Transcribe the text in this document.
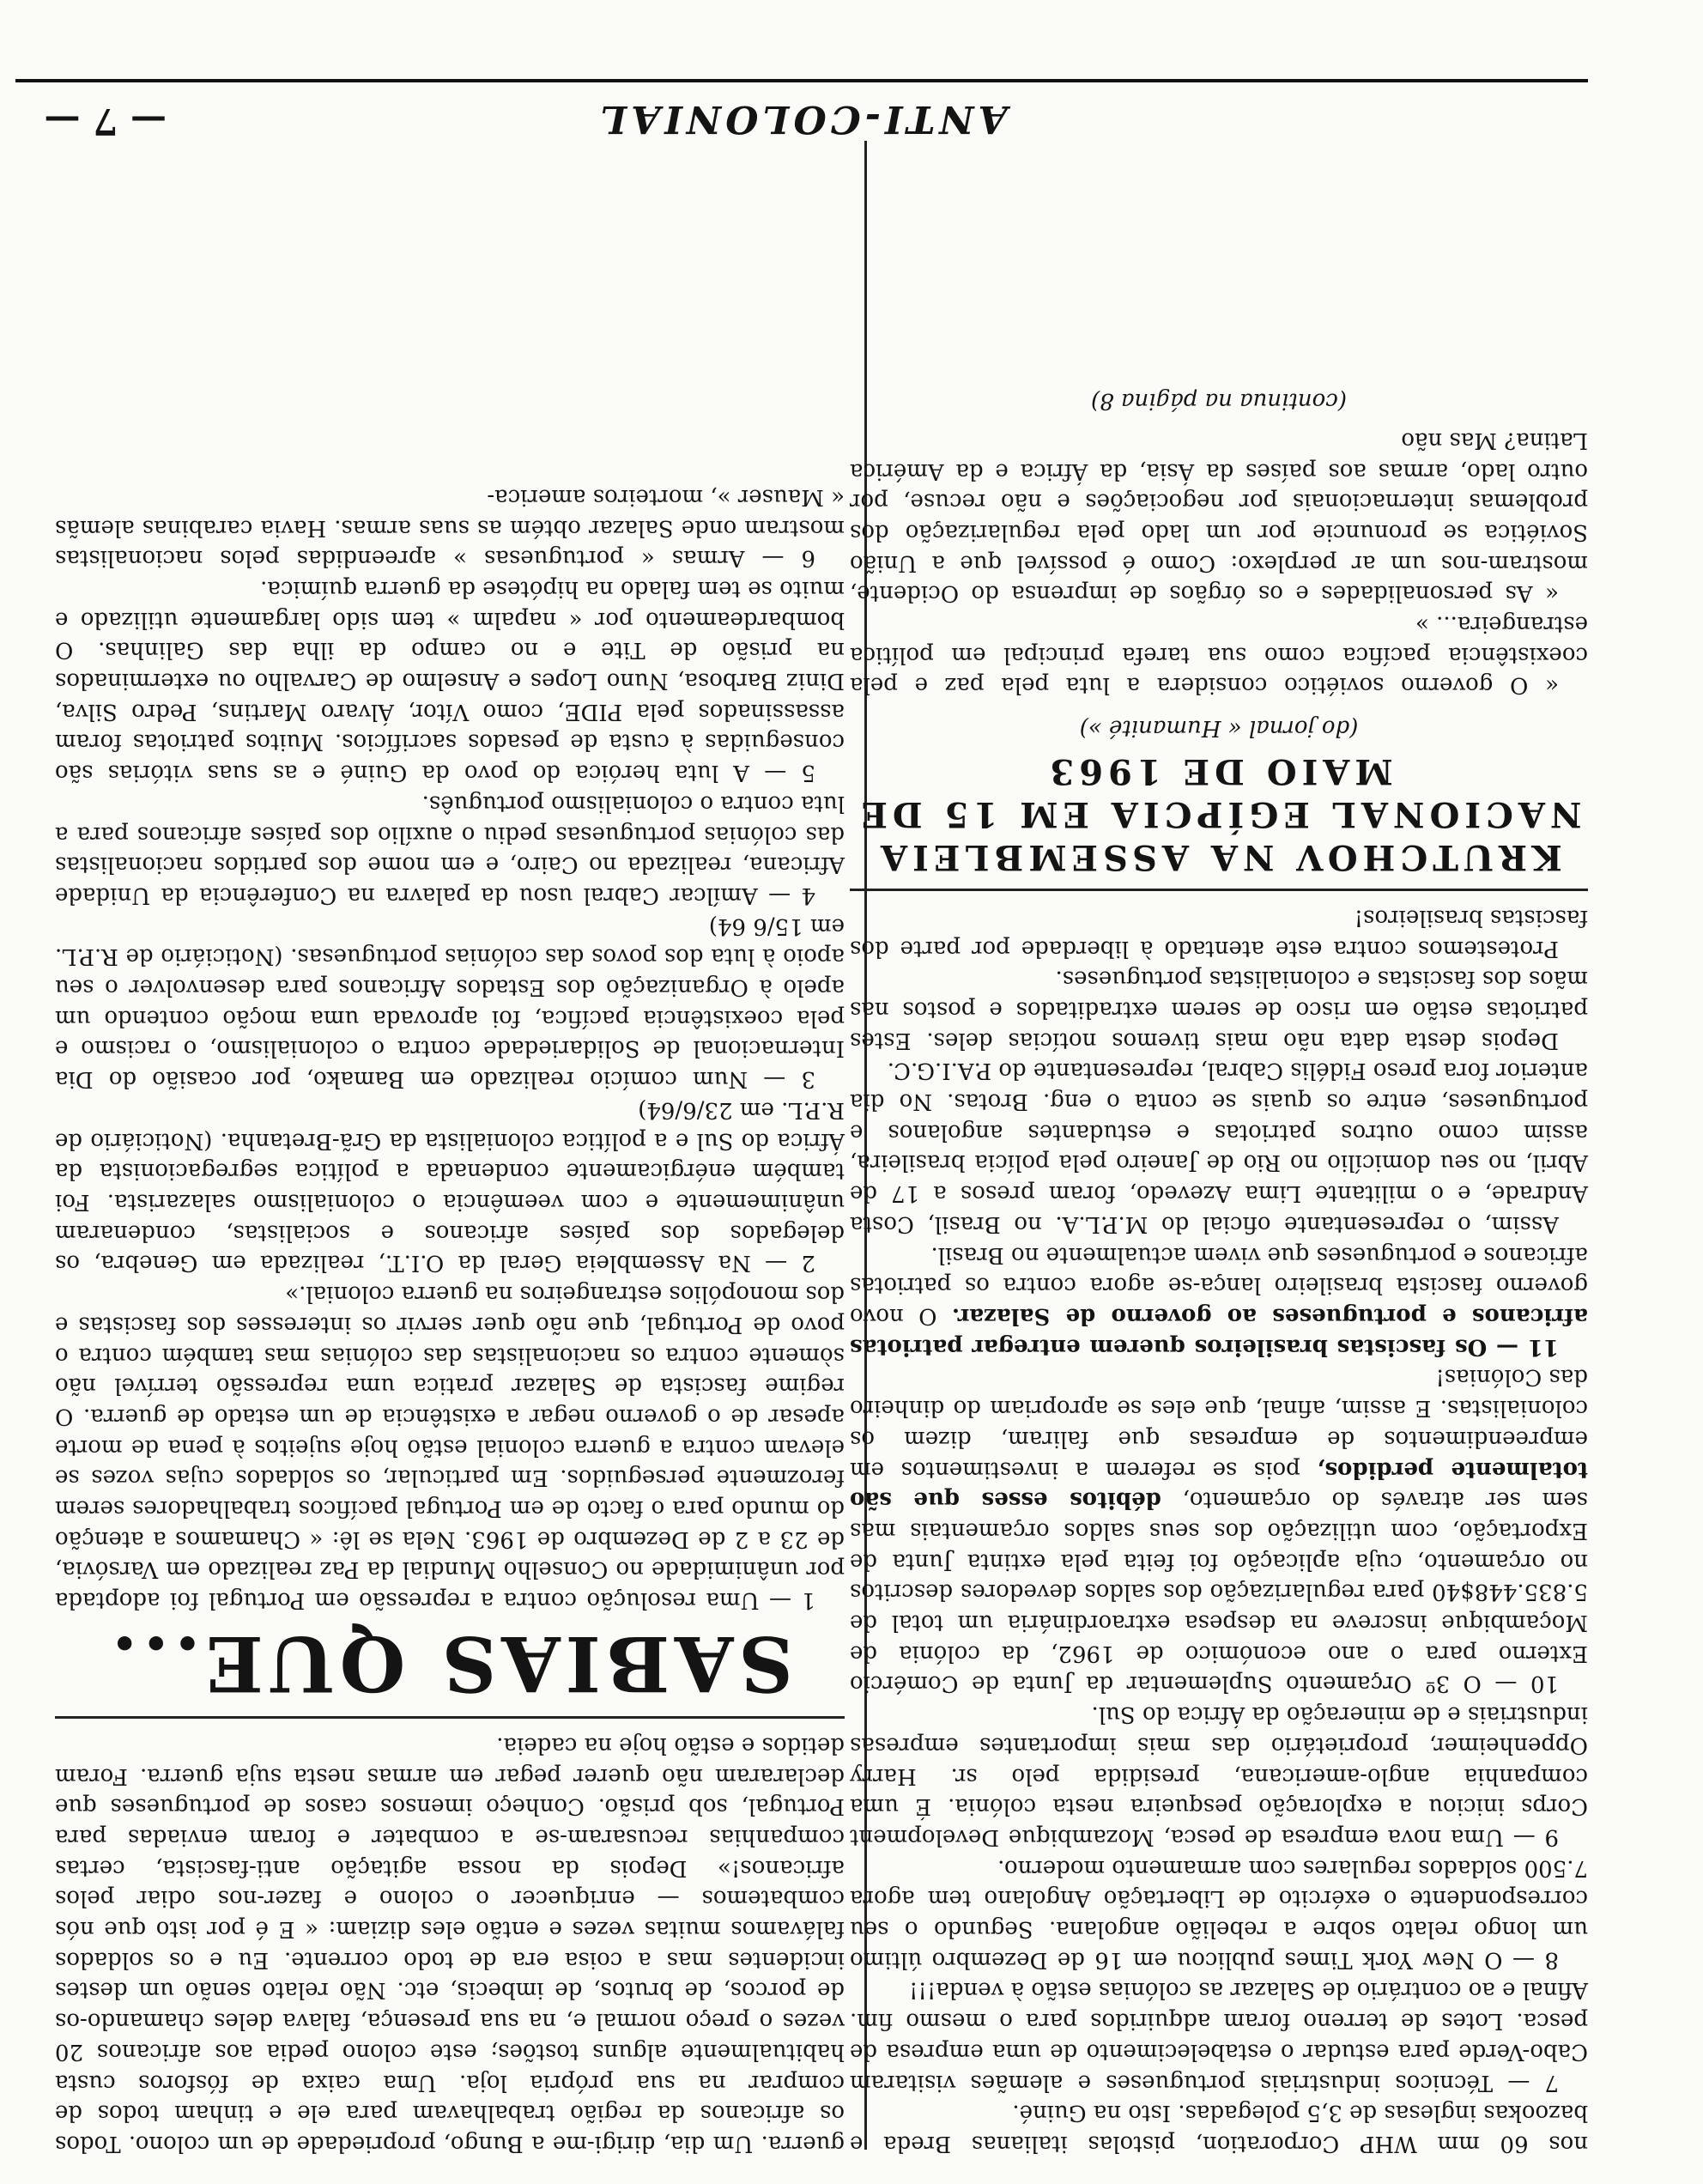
ANTI-COLONIAL
— 7 —

guerra. Um dia, dirigi-me a Bungo, propriedade de um colono. Todos os africanos da região trabalhavam para ele e tinham todos de comprar na sua própria loja. Uma caixa de fósforos custa habitualmente alguns tostões; este colono pedia aos africanos 20 vezes o preço normal e, na sua presença, falava deles chamando-os de porcos, de brutos, de imbecis, etc. Não relato senão um destes incidentes mas a coisa era de todo corrente. Eu e os soldados falávamos muitas vezes e então eles diziam: « E é por isto que nós combatemos — enriquecer o colono e fazer-nos odiar pelos africanos!» Depois da nossa agitação anti-fascista, certas companhias recusaram-se a combater e foram enviadas para Portugal, sob prisão. Conheço imensos casos de portugueses que declararam não querer pegar em armas nesta suja guerra. Foram detidos e estão hoje na cadeia.

SABIAS QUE...

1 — Uma resolução contra a repressão em Portugal foi adoptada por unânimidade no Conselho Mundial da Paz realizado em Varsóvia, de 23 a 2 de Dezembro de 1963. Nela se lê: « Chamamos a atenção do mundo para o facto de em Portugal pacíficos trabalhadores serem ferozmente perseguidos. Em particular, os soldados cujas vozes se elevam contra a guerra colonial estão hoje sujeitos à pena de morte apesar de o governo negar a existência de um estado de guerra. O regime fascista de Salazar pratica uma repressão terrível não sòmente contra os nacionalistas das colónias mas também contra o povo de Portugal, que não quer servir os interesses dos fascistas e dos monopólios estrangeiros na guerra colonial.»

2 — Na Assembleia Geral da O.I.T., realizada em Genebra, os delegados dos países africanos e socialistas, condenaram unânimemente e com veemência o colonialismo salazarista. Foi também enérgicamente condenada a política segregacionista da África do Sul e a política colonialista da Grã-Bretanha. (Noticiário de R.P.L. em 23/6/64)

3 — Num comício realizado em Bamako, por ocasião do Dia Internacional de Solidariedade contra o colonialismo, o racismo e pela coexistência pacífica, foi aprovada uma moção contendo um apelo à Organização dos Estados Africanos para desenvolver o seu apoio à luta dos povos das colónias portuguesas. (Noticiário de R.P.L. em 15/6 64)

4 — Amílcar Cabral usou da palavra na Conferência da Unidade Africana, realizada no Cairo, e em nome dos partidos nacionalistas das colónias portuguesas pediu o auxílio dos países africanos para a luta contra o colonialismo português.

5 — A luta heróica do povo da Guiné e as suas vitórias são conseguidas à custa de pesados sacrifícios. Muitos patriotas foram assassinados pela PIDE, como Vítor, Álvaro Martins, Pedro Silva, Diniz Barbosa, Nuno Lopes e Anselmo de Carvalho ou exterminados na prisão de Tite e no campo da ilha das Galinhas. O bombardeamento por « napalm » tem sido largamente utilizado e muito se tem falado na hipótese da guerra química.

6 — Armas « portuguesas » apreendidas pelos nacionalistas mostram onde Salazar obtém as suas armas. Havia carabinas alemãs « Mauser », morteiros america-

nos 60 mm WHP Corporation, pistolas italianas Breda e bazookas inglesas de 3,5 polegadas. Isto na Guiné.

7 — Técnicos industriais portugueses e alemães visitaram Cabo-Verde para estudar o estabelecimento de uma empresa de pesca. Lotes de terreno foram adquiridos para o mesmo fim. Afinal e ao contrário de Salazar as colónias estão à venda!!!

8 — O New York Times publicou em 16 de Dezembro último um longo relato sobre a rebelião angolana. Segundo o seu correspondente o exército de Libertação Angolano tem agora 7.500 soldados regulares com armamento moderno.

9 — Uma nova empresa de pesca, Mozambique Development Corps iniciou a exploração pesqueira nesta colónia. É uma companhia anglo-americana, presidida pelo sr. Harry Oppenheimer, proprietário das mais importantes empresas industriais e de mineração da África do Sul.

10 — O 3º Orçamento Suplementar da Junta de Comércio Externo para o ano económico de 1962, da colónia de Moçambique inscreve na despesa extraordinária um total de 5.835.448$40 para regularização dos saldos devedores descritos no orçamento, cuja aplicação foi feita pela extinta Junta de Exportação, com utilização dos seus saldos orçamentais mas sem ser através do orçamento, débitos esses que são totalmente perdidos, pois se referem a investimentos em empreendimentos de empresas que faliram, dizem os colonialistas. E assim, afinal, que eles se apropriam do dinheiro das Colónias!

11 — Os fascistas brasileiros querem entregar patriotas africanos e portugueses ao governo de Salazar. O novo governo fascista brasileiro lança-se agora contra os patriotas africanos e portugueses que vivem actualmente no Brasil.

Assim, o representante oficial do M.P.L.A. no Brasil, Costa Andrade, e o militante Lima Azevedo, foram presos a 17 de Abril, no seu domicílio no Rio de Janeiro pela polícia brasileira, assim como outros patriotas e estudantes angolanos e portugueses, entre os quais se conta o eng. Brotas. No dia anterior fora preso Fidélis Cabral, representante do P.A.I.G.C.

Depois desta data não mais tivemos notícias deles. Estes patriotas estão em risco de serem extraditados e postos nas mãos dos fascistas e colonialistas portugueses.

Protestemos contra este atentado à liberdade por parte dos fascistas brasileiros!

KRUTCHOV NA ASSEMBLEIA NACIONAL EGÍPCIA EM 15 DE MAIO DE 1963
(do jornal « Humanité »)

« O governo soviético considera a luta pela paz e pela coexistência pacífica como sua tarefa principal em política estrangeira... »

« As personalidades e os órgãos de imprensa do Ocidente, mostram-nos um ar perplexo: Como é possível que a União Soviética se pronuncie por um lado pela regularização dos problemas internacionais por negociações e não recuse, por outro lado, armas aos países da Ásia, da África e da América Latina? Mas não

(continua na página 8)
